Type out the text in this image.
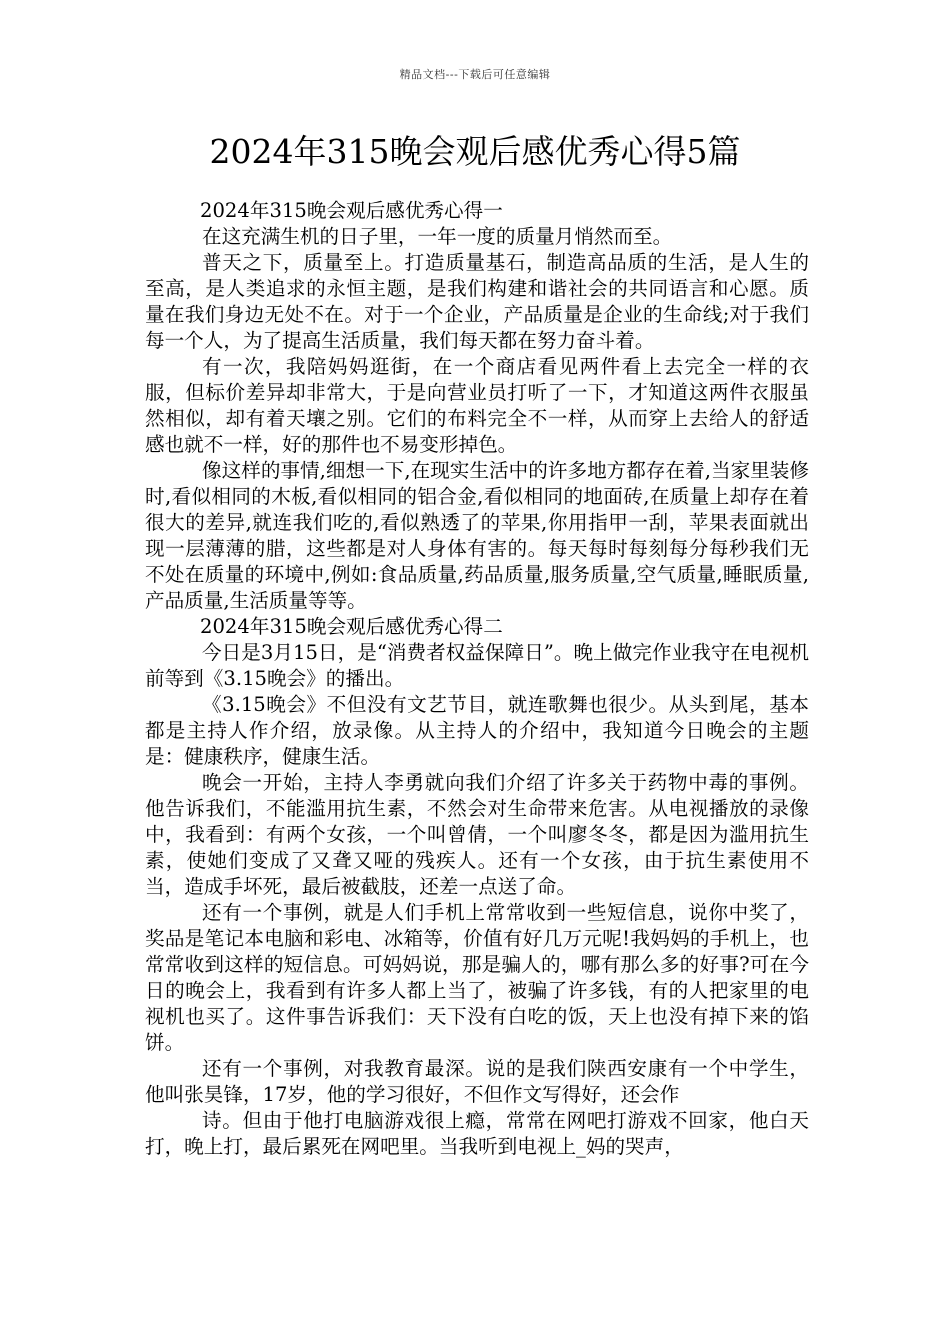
精品文档---下载后可任意编辑
2024年315晚会观后感优秀心得5篇

2024年315晚会观后感优秀心得一

在这充满生机的日子里，一年一度的质量月悄然而至。

普天之下，质量至上。打造质量基石，制造高品质的生活，是人生的至高，是人类追求的永恒主题，是我们构建和谐社会的共同语言和心愿。质量在我们身边无处不在。对于一个企业，产品质量是企业的生命线;对于我们每一个人，为了提高生活质量，我们每天都在努力奋斗着。

有一次，我陪妈妈逛街，在一个商店看见两件看上去完全一样的衣服，但标价差异却非常大，于是向营业员打听了一下，才知道这两件衣服虽然相似，却有着天壤之别。它们的布料完全不一样，从而穿上去给人的舒适感也就不一样，好的那件也不易变形掉色。

像这样的事情,细想一下,在现实生活中的许多地方都存在着,当家里装修时,看似相同的木板,看似相同的铝合金,看似相同的地面砖,在质量上却存在着很大的差异,就连我们吃的,看似熟透了的苹果,你用指甲一刮，苹果表面就出现一层薄薄的腊，这些都是对人身体有害的。每天每时每刻每分每秒我们无不处在质量的环境中,例如:食品质量,药品质量,服务质量,空气质量,睡眠质量,产品质量,生活质量等等。

2024年315晚会观后感优秀心得二

今日是3月15日，是“消费者权益保障日”。晚上做完作业我守在电视机前等到《3.15晚会》的播出。

《3.15晚会》不但没有文艺节目，就连歌舞也很少。从头到尾，基本都是主持人作介绍，放录像。从主持人的介绍中，我知道今日晚会的主题是：健康秩序，健康生活。

晚会一开始，主持人李勇就向我们介绍了许多关于药物中毒的事例。他告诉我们，不能滥用抗生素，不然会对生命带来危害。从电视播放的录像中，我看到：有两个女孩，一个叫曾倩，一个叫廖冬冬，都是因为滥用抗生素，使她们变成了又聋又哑的残疾人。还有一个女孩，由于抗生素使用不当，造成手坏死，最后被截肢，还差一点送了命。

还有一个事例，就是人们手机上常常收到一些短信息，说你中奖了，奖品是笔记本电脑和彩电、冰箱等，价值有好几万元呢!我妈妈的手机上，也常常收到这样的短信息。可妈妈说，那是骗人的，哪有那么多的好事?可在今日的晚会上，我看到有许多人都上当了，被骗了许多钱，有的人把家里的电视机也买了。这件事告诉我们：天下没有白吃的饭，天上也没有掉下来的馅饼。

还有一个事例，对我教育最深。说的是我们陕西安康有一个中学生，他叫张昊锋，17岁，他的学习很好，不但作文写得好，还会作

诗。但由于他打电脑游戏很上瘾，常常在网吧打游戏不回家，他白天打，晚上打，最后累死在网吧里。当我听到电视上_妈的哭声，
